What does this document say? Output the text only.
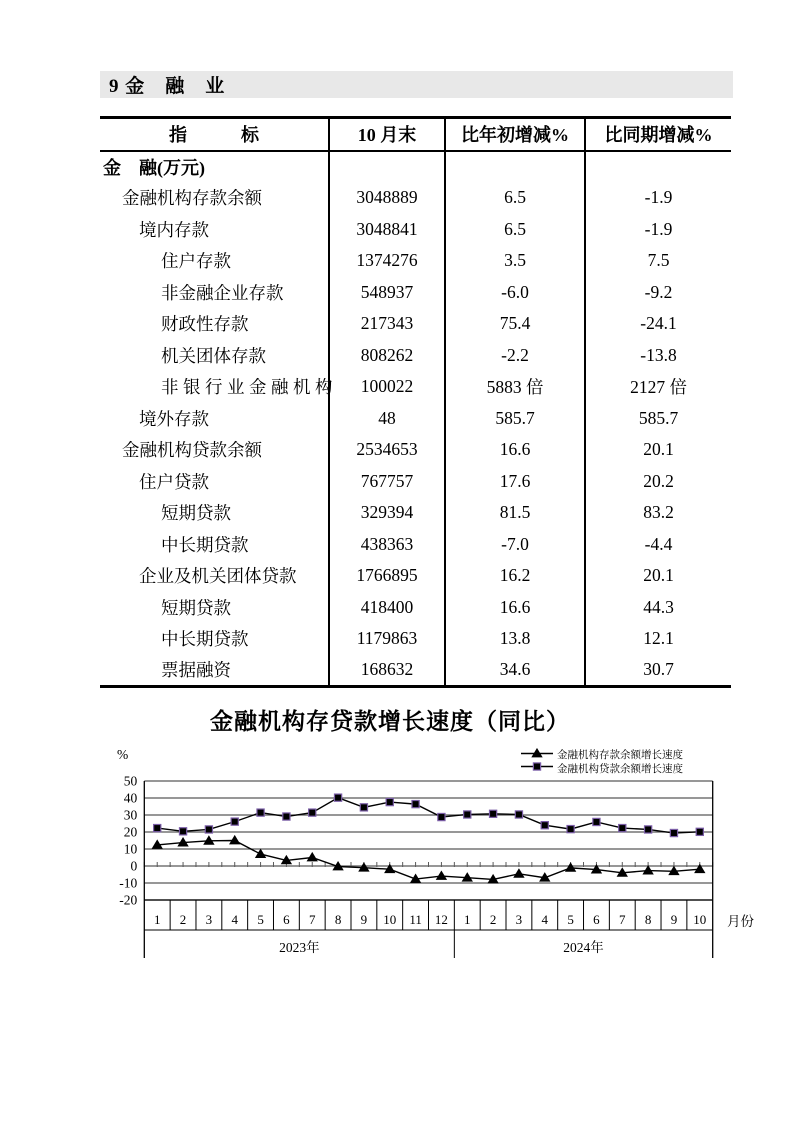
9 金　融　业
指　　　标	10 月末	比年初增减%	比同期增减%
金　融(万元)			
金融机构存款余额	3048889	6.5	-1.9
境内存款	3048841	6.5	-1.9
住户存款	1374276	3.5	7.5
非金融企业存款	548937	-6.0	-9.2
财政性存款	217343	75.4	-24.1
机关团体存款	808262	-2.2	-13.8
非银行业金融机构	100022	5883 倍	2127 倍
境外存款	48	585.7	585.7
金融机构贷款余额	2534653	16.6	20.1
住户贷款	767757	17.6	20.2
短期贷款	329394	81.5	83.2
中长期贷款	438363	-7.0	-4.4
企业及机关团体贷款	1766895	16.2	20.1
短期贷款	418400	16.6	44.3
中长期贷款	1179863	13.8	12.1
票据融资	168632	34.6	30.7
金融机构存贷款增长速度（同比）
%
月份
金融机构存款余额增长速度
金融机构贷款余额增长速度
50
40
30
20
10
0
-10
-20
1 2 3 4 5 6 7 8 9 10 11 12
2023年
1 2 3 4 5 6 7 8 9 10
2024年
